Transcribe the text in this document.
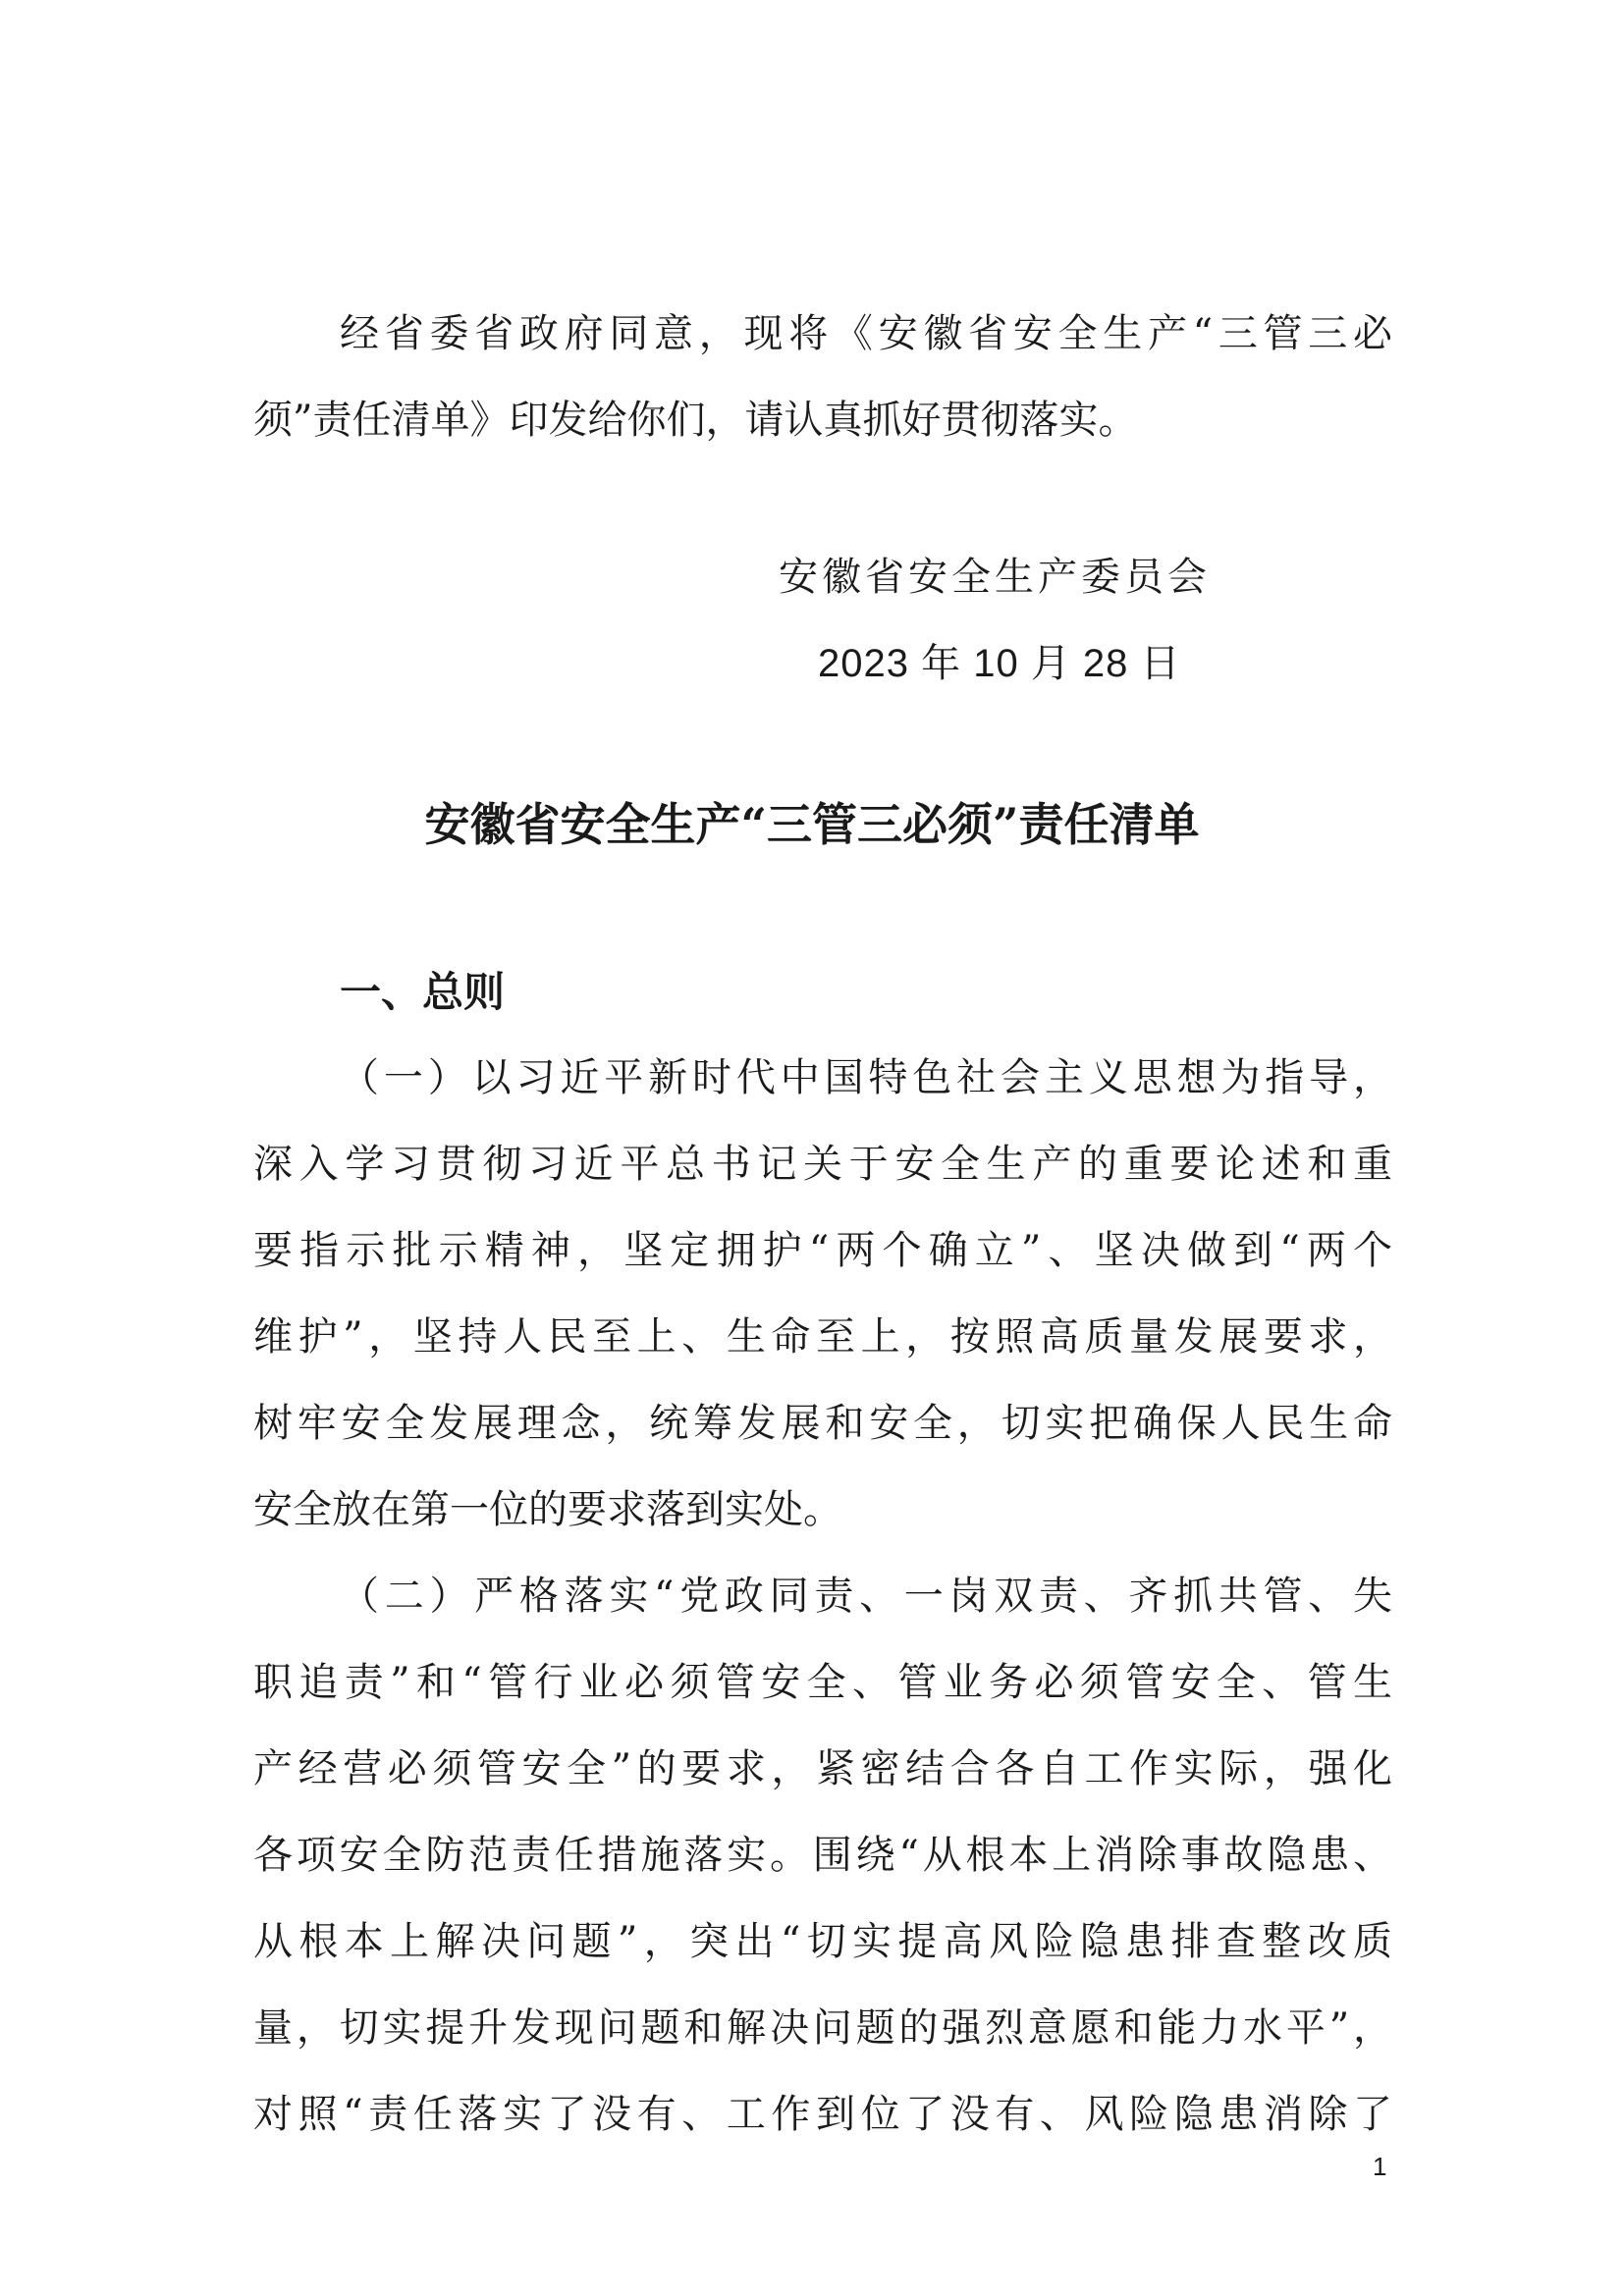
经省委省政府同意，现将《安徽省安全生产“三管三必
须”责任清单》印发给你们，请认真抓好贯彻落实。
安徽省安全生产委员会
2023 年 10 月 28 日
安徽省安全生产“三管三必须”责任清单
一、总则
（一）以习近平新时代中国特色社会主义思想为指导，
深入学习贯彻习近平总书记关于安全生产的重要论述和重
要指示批示精神，坚定拥护“两个确立”、坚决做到“两个
维护”，坚持人民至上、生命至上，按照高质量发展要求，
树牢安全发展理念，统筹发展和安全，切实把确保人民生命
安全放在第一位的要求落到实处。
（二）严格落实“党政同责、一岗双责、齐抓共管、失
职追责”和“管行业必须管安全、管业务必须管安全、管生
产经营必须管安全”的要求，紧密结合各自工作实际，强化
各项安全防范责任措施落实。围绕“从根本上消除事故隐患、
从根本上解决问题”，突出“切实提高风险隐患排查整改质
量，切实提升发现问题和解决问题的强烈意愿和能力水平”，
对照“责任落实了没有、工作到位了没有、风险隐患消除了
1
